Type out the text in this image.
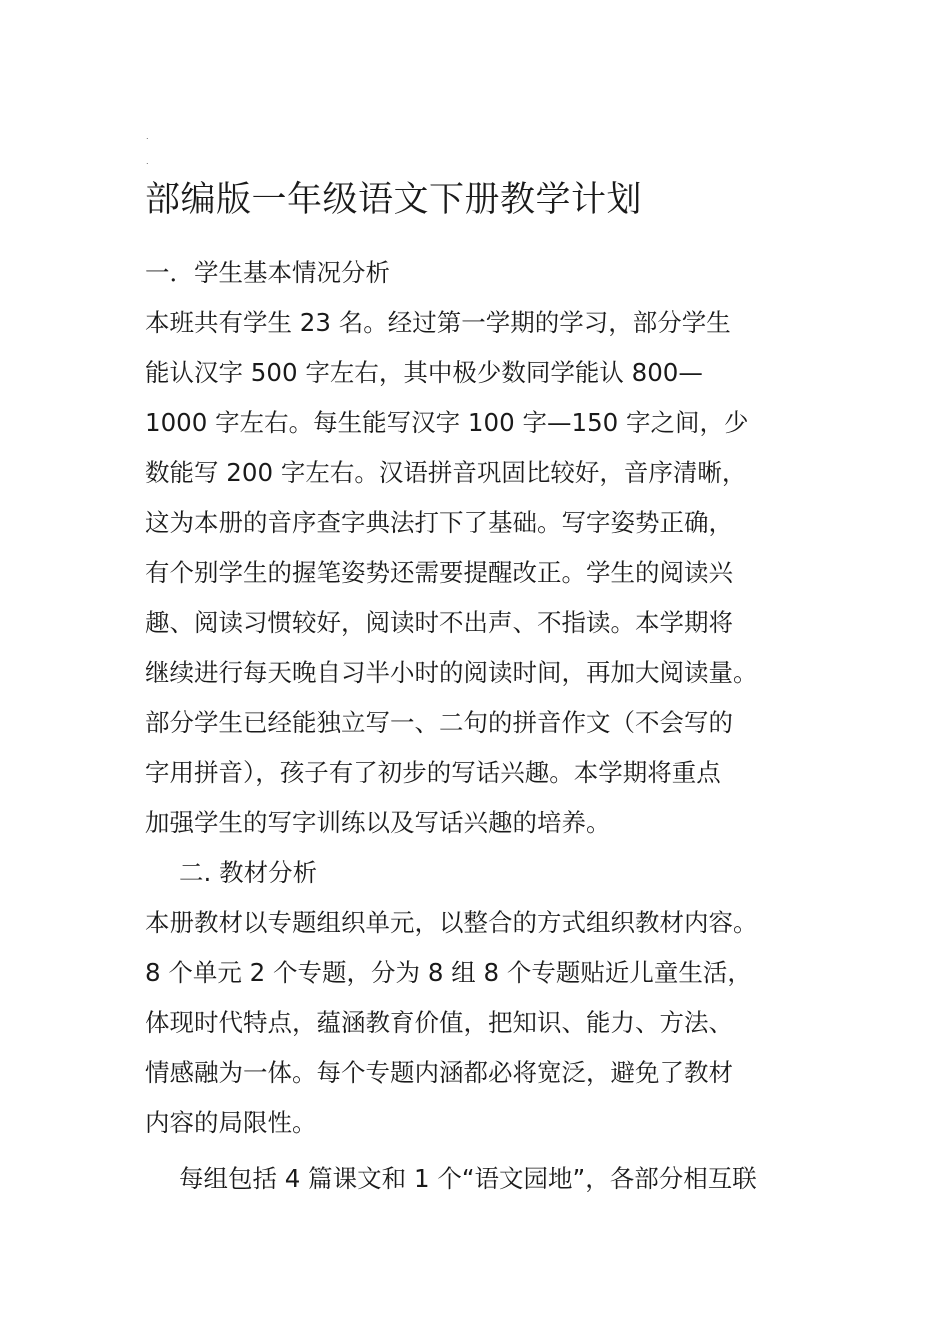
.
.
部编版一年级语文下册教学计划
一．学生基本情况分析
本班共有学生 23 名。经过第一学期的学习，部分学生
能认汉字 500 字左右，其中极少数同学能认 800—
1000 字左右。每生能写汉字 100 字—150 字之间，少
数能写 200 字左右。汉语拼音巩固比较好，音序清晰，
这为本册的音序查字典法打下了基础。写字姿势正确，
有个别学生的握笔姿势还需要提醒改正。学生的阅读兴
趣、阅读习惯较好，阅读时不出声、不指读。本学期将
继续进行每天晚自习半小时的阅读时间，再加大阅读量。
部分学生已经能独立写一、二句的拼音作文（不会写的
字用拼音），孩子有了初步的写话兴趣。本学期将重点
加强学生的写字训练以及写话兴趣的培养。
二. 教材分析
本册教材以专题组织单元，以整合的方式组织教材内容。
8 个单元 2 个专题，分为 8 组 8 个专题贴近儿童生活，
体现时代特点，蕴涵教育价值，把知识、能力、方法、
情感融为一体。每个专题内涵都必将宽泛，避免了教材
内容的局限性。
每组包括 4 篇课文和 1 个“语文园地”，各部分相互联
